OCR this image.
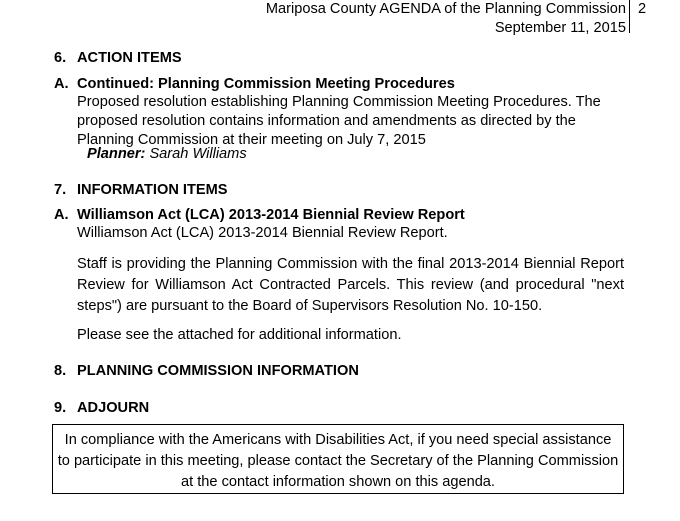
Mariposa County AGENDA of the Planning Commission
September 11, 2015
2
6. ACTION ITEMS
A. Continued: Planning Commission Meeting Procedures
Proposed resolution establishing Planning Commission Meeting Procedures. The proposed resolution contains information and amendments as directed by the Planning Commission at their meeting on July 7, 2015
Planner: Sarah Williams
7. INFORMATION ITEMS
A. Williamson Act (LCA) 2013-2014 Biennial Review Report
Williamson Act (LCA) 2013-2014 Biennial Review Report.
Staff is providing the Planning Commission with the final 2013-2014 Biennial Report Review for Williamson Act Contracted Parcels. This review (and procedural "next steps") are pursuant to the Board of Supervisors Resolution No. 10-150.
Please see the attached for additional information.
8. PLANNING COMMISSION INFORMATION
9. ADJOURN
In compliance with the Americans with Disabilities Act, if you need special assistance to participate in this meeting, please contact the Secretary of the Planning Commission at the contact information shown on this agenda.
